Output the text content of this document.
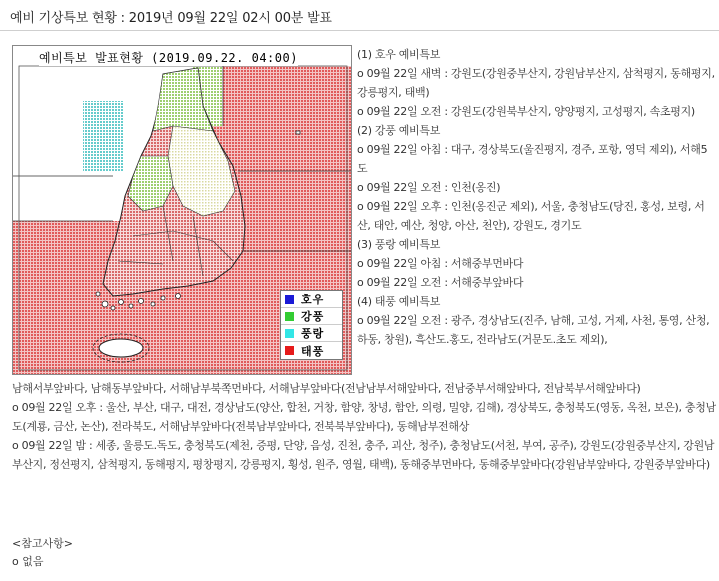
예비 기상특보 현황 : 2019년 09월 22일 02시 00분 발표
예비특보 발표현황 (2019.09.22. 04:00)
호우
강풍
풍랑
태풍
(1) 호우 예비특보
o 09월 22일 새벽 : 강원도(강원중부산지, 강원남부산지, 삼척평지, 동해평지, 강릉평지, 태백)
o 09월 22일 오전 : 강원도(강원북부산지, 양양평지, 고성평지, 속초평지)
(2) 강풍 예비특보
o 09월 22일 아침 : 대구, 경상북도(울진평지, 경주, 포항, 영덕 제외), 서해5도
o 09월 22일 오전 : 인천(옹진)
o 09월 22일 오후 : 인천(옹진군 제외), 서울, 충청남도(당진, 홍성, 보령, 서산, 태안, 예산, 청양, 아산, 천안), 강원도, 경기도
(3) 풍랑 예비특보
o 09월 22일 아침 : 서해중부먼바다
o 09월 22일 오전 : 서해중부앞바다
(4) 태풍 예비특보
o 09월 22일 오전 : 광주, 경상남도(진주, 남해, 고성, 거제, 사천, 통영, 산청, 하동, 창원), 흑산도.홍도, 전라남도(거문도.초도 제외),
남해서부앞바다, 남해동부앞바다, 서해남부북쪽먼바다, 서해남부앞바다(전남남부서해앞바다, 전남중부서해앞바다, 전남북부서해앞바다)
o 09월 22일 오후 : 울산, 부산, 대구, 대전, 경상남도(양산, 합천, 거창, 함양, 창녕, 함안, 의령, 밀양, 김해), 경상북도, 충청북도(영동, 옥천, 보은), 충청남도(계룡, 금산, 논산), 전라북도, 서해남부앞바다(전북남부앞바다, 전북북부앞바다), 동해남부전해상
o 09월 22일 밤 : 세종, 울릉도.독도, 충청북도(제천, 증평, 단양, 음성, 진천, 충주, 괴산, 청주), 충청남도(서천, 부여, 공주), 강원도(강원중부산지, 강원남부산지, 정선평지, 삼척평지, 동해평지, 평창평지, 강릉평지, 횡성, 원주, 영월, 태백), 동해중부먼바다, 동해중부앞바다(강원남부앞바다, 강원중부앞바다)
<참고사항>
o 없음
